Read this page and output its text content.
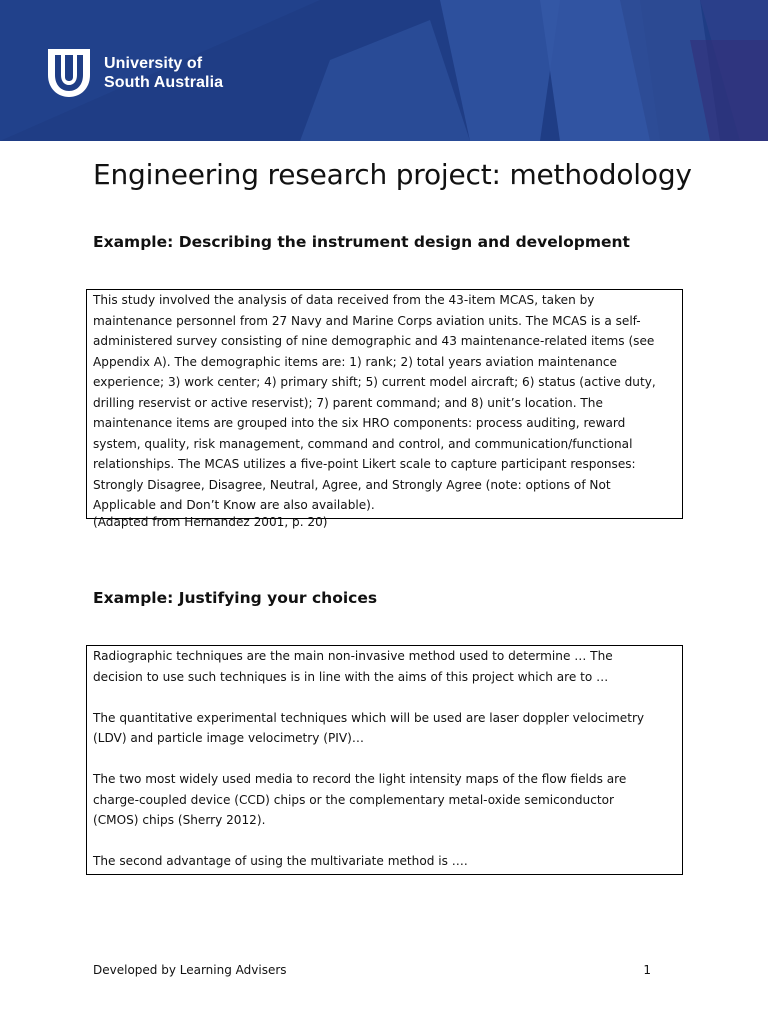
University of
South Australia
Engineering research project: methodology
Example: Describing the instrument design and development

This study involved the analysis of data received from the 43-item MCAS, taken by

maintenance personnel from 27 Navy and Marine Corps aviation units. The MCAS is a self-

administered survey consisting of nine demographic and 43 maintenance-related items (see

Appendix A). The demographic items are: 1) rank; 2) total years aviation maintenance

experience; 3) work center; 4) primary shift; 5) current model aircraft; 6) status (active duty,

drilling reservist or active reservist); 7) parent command; and 8) unit’s location. The

maintenance items are grouped into the six HRO components: process auditing, reward

system, quality, risk management, command and control, and communication/functional

relationships. The MCAS utilizes a five-point Likert scale to capture participant responses:

Strongly Disagree, Disagree, Neutral, Agree, and Strongly Agree (note: options of Not

Applicable and Don’t Know are also available).

(Adapted from Hernandez 2001, p. 20)
Example: Justifying your choices

Radiographic techniques are the main non-invasive method used to determine … The

decision to use such techniques is in line with the aims of this project which are to …

The quantitative experimental techniques which will be used are laser doppler velocimetry

(LDV) and particle image velocimetry (PIV)…

The two most widely used media to record the light intensity maps of the flow fields are

charge-coupled device (CCD) chips or the complementary metal-oxide semiconductor

(CMOS) chips (Sherry 2012).

The second advantage of using the multivariate method is ….

Developed by Learning Advisers	1
